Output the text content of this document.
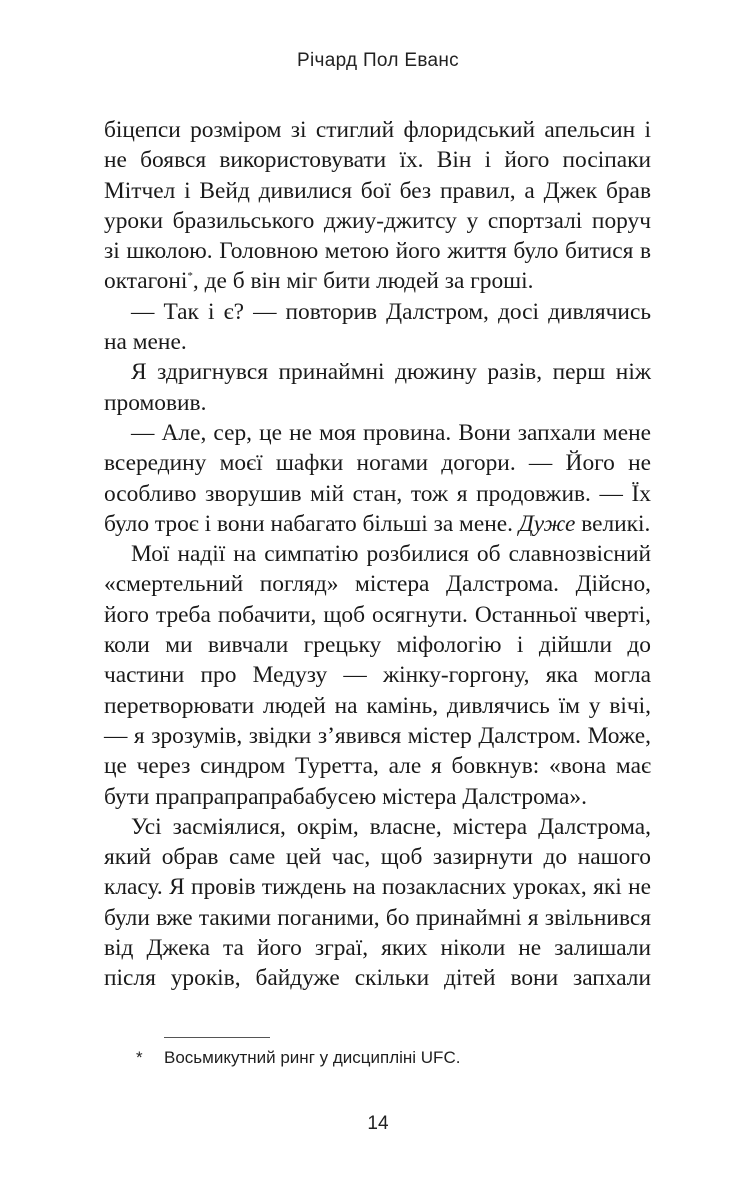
Річард Пол Еванс

біцепси розміром зі стиглий флоридський апельсин і не боявся використовувати їх. Він і його посіпаки Мітчел і Вейд дивилися бої без правил, а Джек брав уроки бразильського джиу-джитсу у спортзалі поруч зі школою. Головною метою його життя було битися в октагоні*, де б він міг бити людей за гроші.

— Так і є? — повторив Далстром, досі дивлячись на мене.

Я здригнувся принаймні дюжину разів, перш ніж промовив.

— Але, сер, це не моя провина. Вони запхали мене всередину моєї шафки ногами догори. — Його не особливо зворушив мій стан, тож я продовжив. — Їх було троє і вони набагато більші за мене. Дуже великі.

Мої надії на симпатію розбилися об славнозвісний «смертельний погляд» містера Далстрома. Дійсно, його треба побачити, щоб осягнути. Останньої чверті, коли ми вивчали грецьку міфологію і дійшли до частини про Медузу — жінку-горгону, яка могла перетворювати людей на камінь, дивлячись їм у вічі, — я зрозумів, звідки з’явився містер Далстром. Може, це через синдром Туретта, але я бовкнув: «вона має бути прапрапрапрабабусею містера Далстрома».

Усі засміялися, окрім, власне, містера Далстрома, який обрав саме цей час, щоб зазирнути до нашого класу. Я провів тиждень на позакласних уроках, які не були вже такими поганими, бо принаймні я звільнився від Джека та його зграї, яких ніколи не залишали після уроків, байдуже скільки дітей вони запхали

* Восьмикутний ринг у дисципліні UFC.
14
